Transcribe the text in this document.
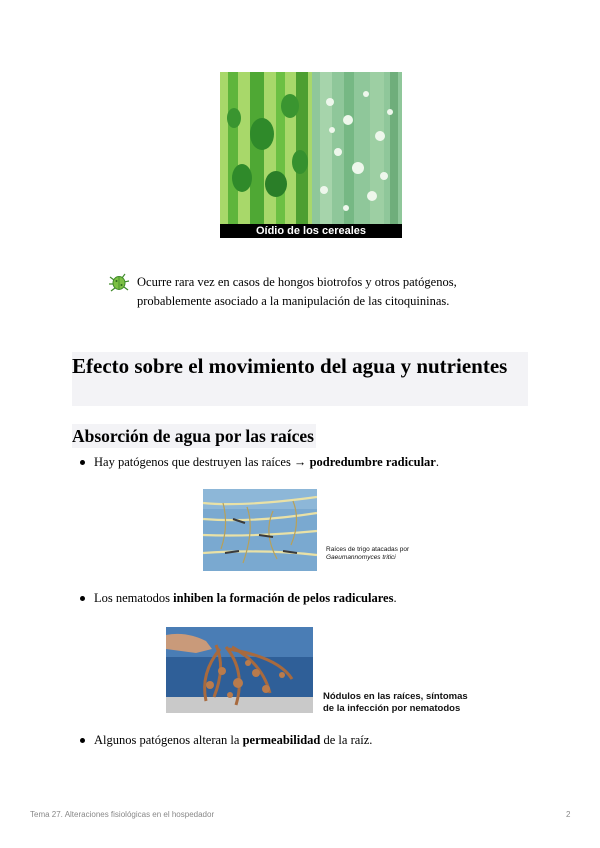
Oídio de los cereales
Ocurre rara vez en casos de hongos biotrofos y otros patógenos, probablemente asociado a la manipulación de las citoquininas.
Efecto sobre el movimiento del agua y nutrientes
Absorción de agua por las raíces
Hay patógenos que destruyen las raíces → podredumbre radicular.
Raíces de trigo atacadas por
Gaeumannomyces tritici
Los nematodos inhiben la formación de pelos radiculares.
Nódulos en las raíces, síntomas
de la infección por nematodos
Algunos patógenos alteran la permeabilidad de la raíz.
Tema 27. Alteraciones fisiológicas en el hospedador	2
